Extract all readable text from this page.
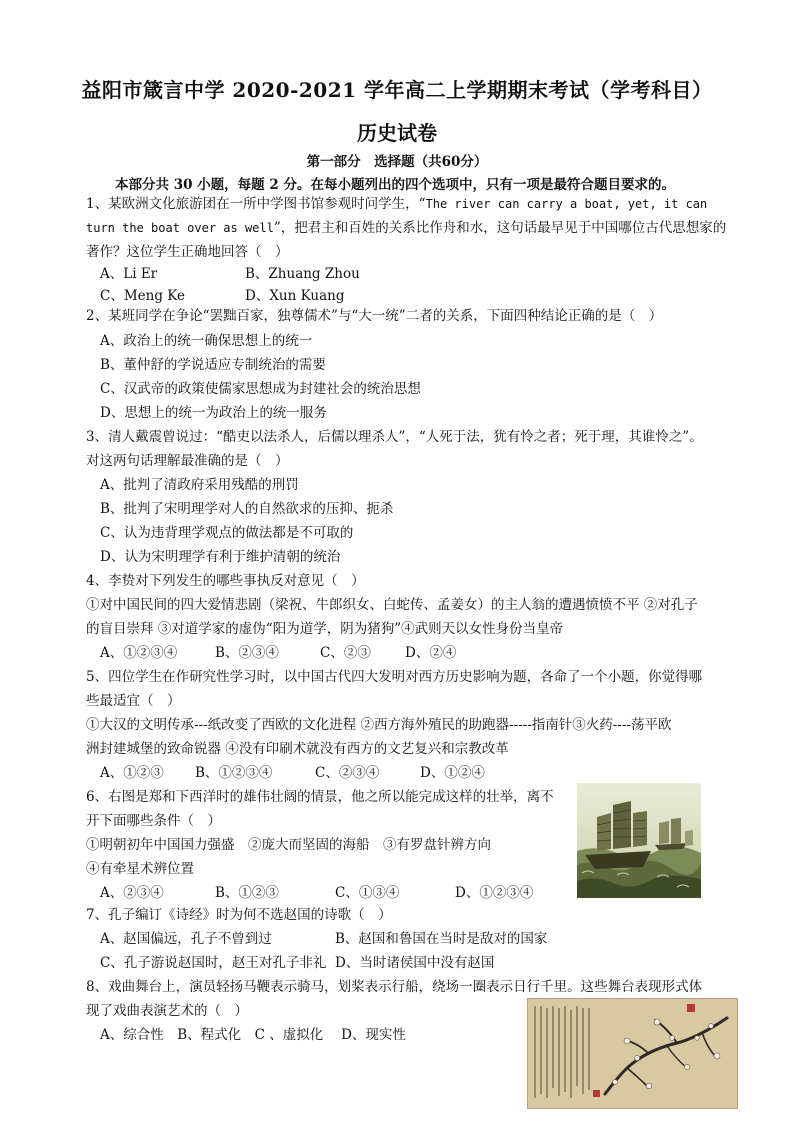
益阳市箴言中学 2020-2021 学年高二上学期期末考试（学考科目）
历史试卷
第一部分　选择题（共60分）
本部分共 30 小题，每题 2 分。在每小题列出的四个选项中，只有一项是最符合题目要求的。
1、某欧洲文化旅游团在一所中学图书馆参观时问学生，“The river can carry a boat, yet, it can
turn the boat over as well”，把君主和百姓的关系比作舟和水，这句话最早见于中国哪位古代思想家的
著作？这位学生正确地回答（　）
A、Li Er	B、Zhuang Zhou
C、Meng Ke	D、Xun Kuang
2、某班同学在争论“罢黜百家，独尊儒术”与“大一统”二者的关系，下面四种结论正确的是（　）
A、政治上的统一确保思想上的统一
B、董仲舒的学说适应专制统治的需要
C、汉武帝的政策使儒家思想成为封建社会的统治思想
D、思想上的统一为政治上的统一服务
3、清人戴震曾说过：“酷吏以法杀人，后儒以理杀人”，“人死于法，犹有怜之者；死于理，其谁怜之”。
对这两句话理解最准确的是（　）
A、批判了清政府采用残酷的刑罚
B、批判了宋明理学对人的自然欲求的压抑、扼杀
C、认为违背理学观点的做法都是不可取的
D、认为宋明理学有利于维护清朝的统治
4、李贽对下列发生的哪些事执反对意见（　）
①对中国民间的四大爱情悲剧（梁祝、牛郎织女、白蛇传、孟姜女）的主人翁的遭遇愤愤不平 ②对孔子
的盲目崇拜 ③对道学家的虚伪“阳为道学，阴为猪狗”④武则天以女性身份当皇帝
A、①②③④	B、②③④	C、②③	D、②④
5、四位学生在作研究性学习时，以中国古代四大发明对西方历史影响为题，各命了一个小题，你觉得哪
些最适宜（　）
①大汉的文明传承---纸改变了西欧的文化进程 ②西方海外殖民的助跑器-----指南针③火药----荡平欧
洲封建城堡的致命锐器 ④没有印刷术就没有西方的文艺复兴和宗教改革
A、①②③ B、①②③④	C、②③④	D、①②④
6、右图是郑和下西洋时的雄伟壮阔的情景，他之所以能完成这样的壮举，离不
开下面哪些条件（　）
①明朝初年中国国力强盛　②庞大而坚固的海船　③有罗盘针辨方向
④有牵星术辨位置
A、②③④	B、①②③	C、①③④	D、①②③④
7、孔子编订《诗经》时为何不选赵国的诗歌（　）
A、赵国偏远，孔子不曾到过	B、赵国和鲁国在当时是敌对的国家
C、孔子游说赵国时，赵王对孔子非礼 D、当时诸侯国中没有赵国
8、戏曲舞台上，演员轻扬马鞭表示骑马，划桨表示行船，绕场一圈表示日行千里。这些舞台表现形式体
现了戏曲表演艺术的（　）
A、综合性　B、程式化　C 、虚拟化　 D、现实性
